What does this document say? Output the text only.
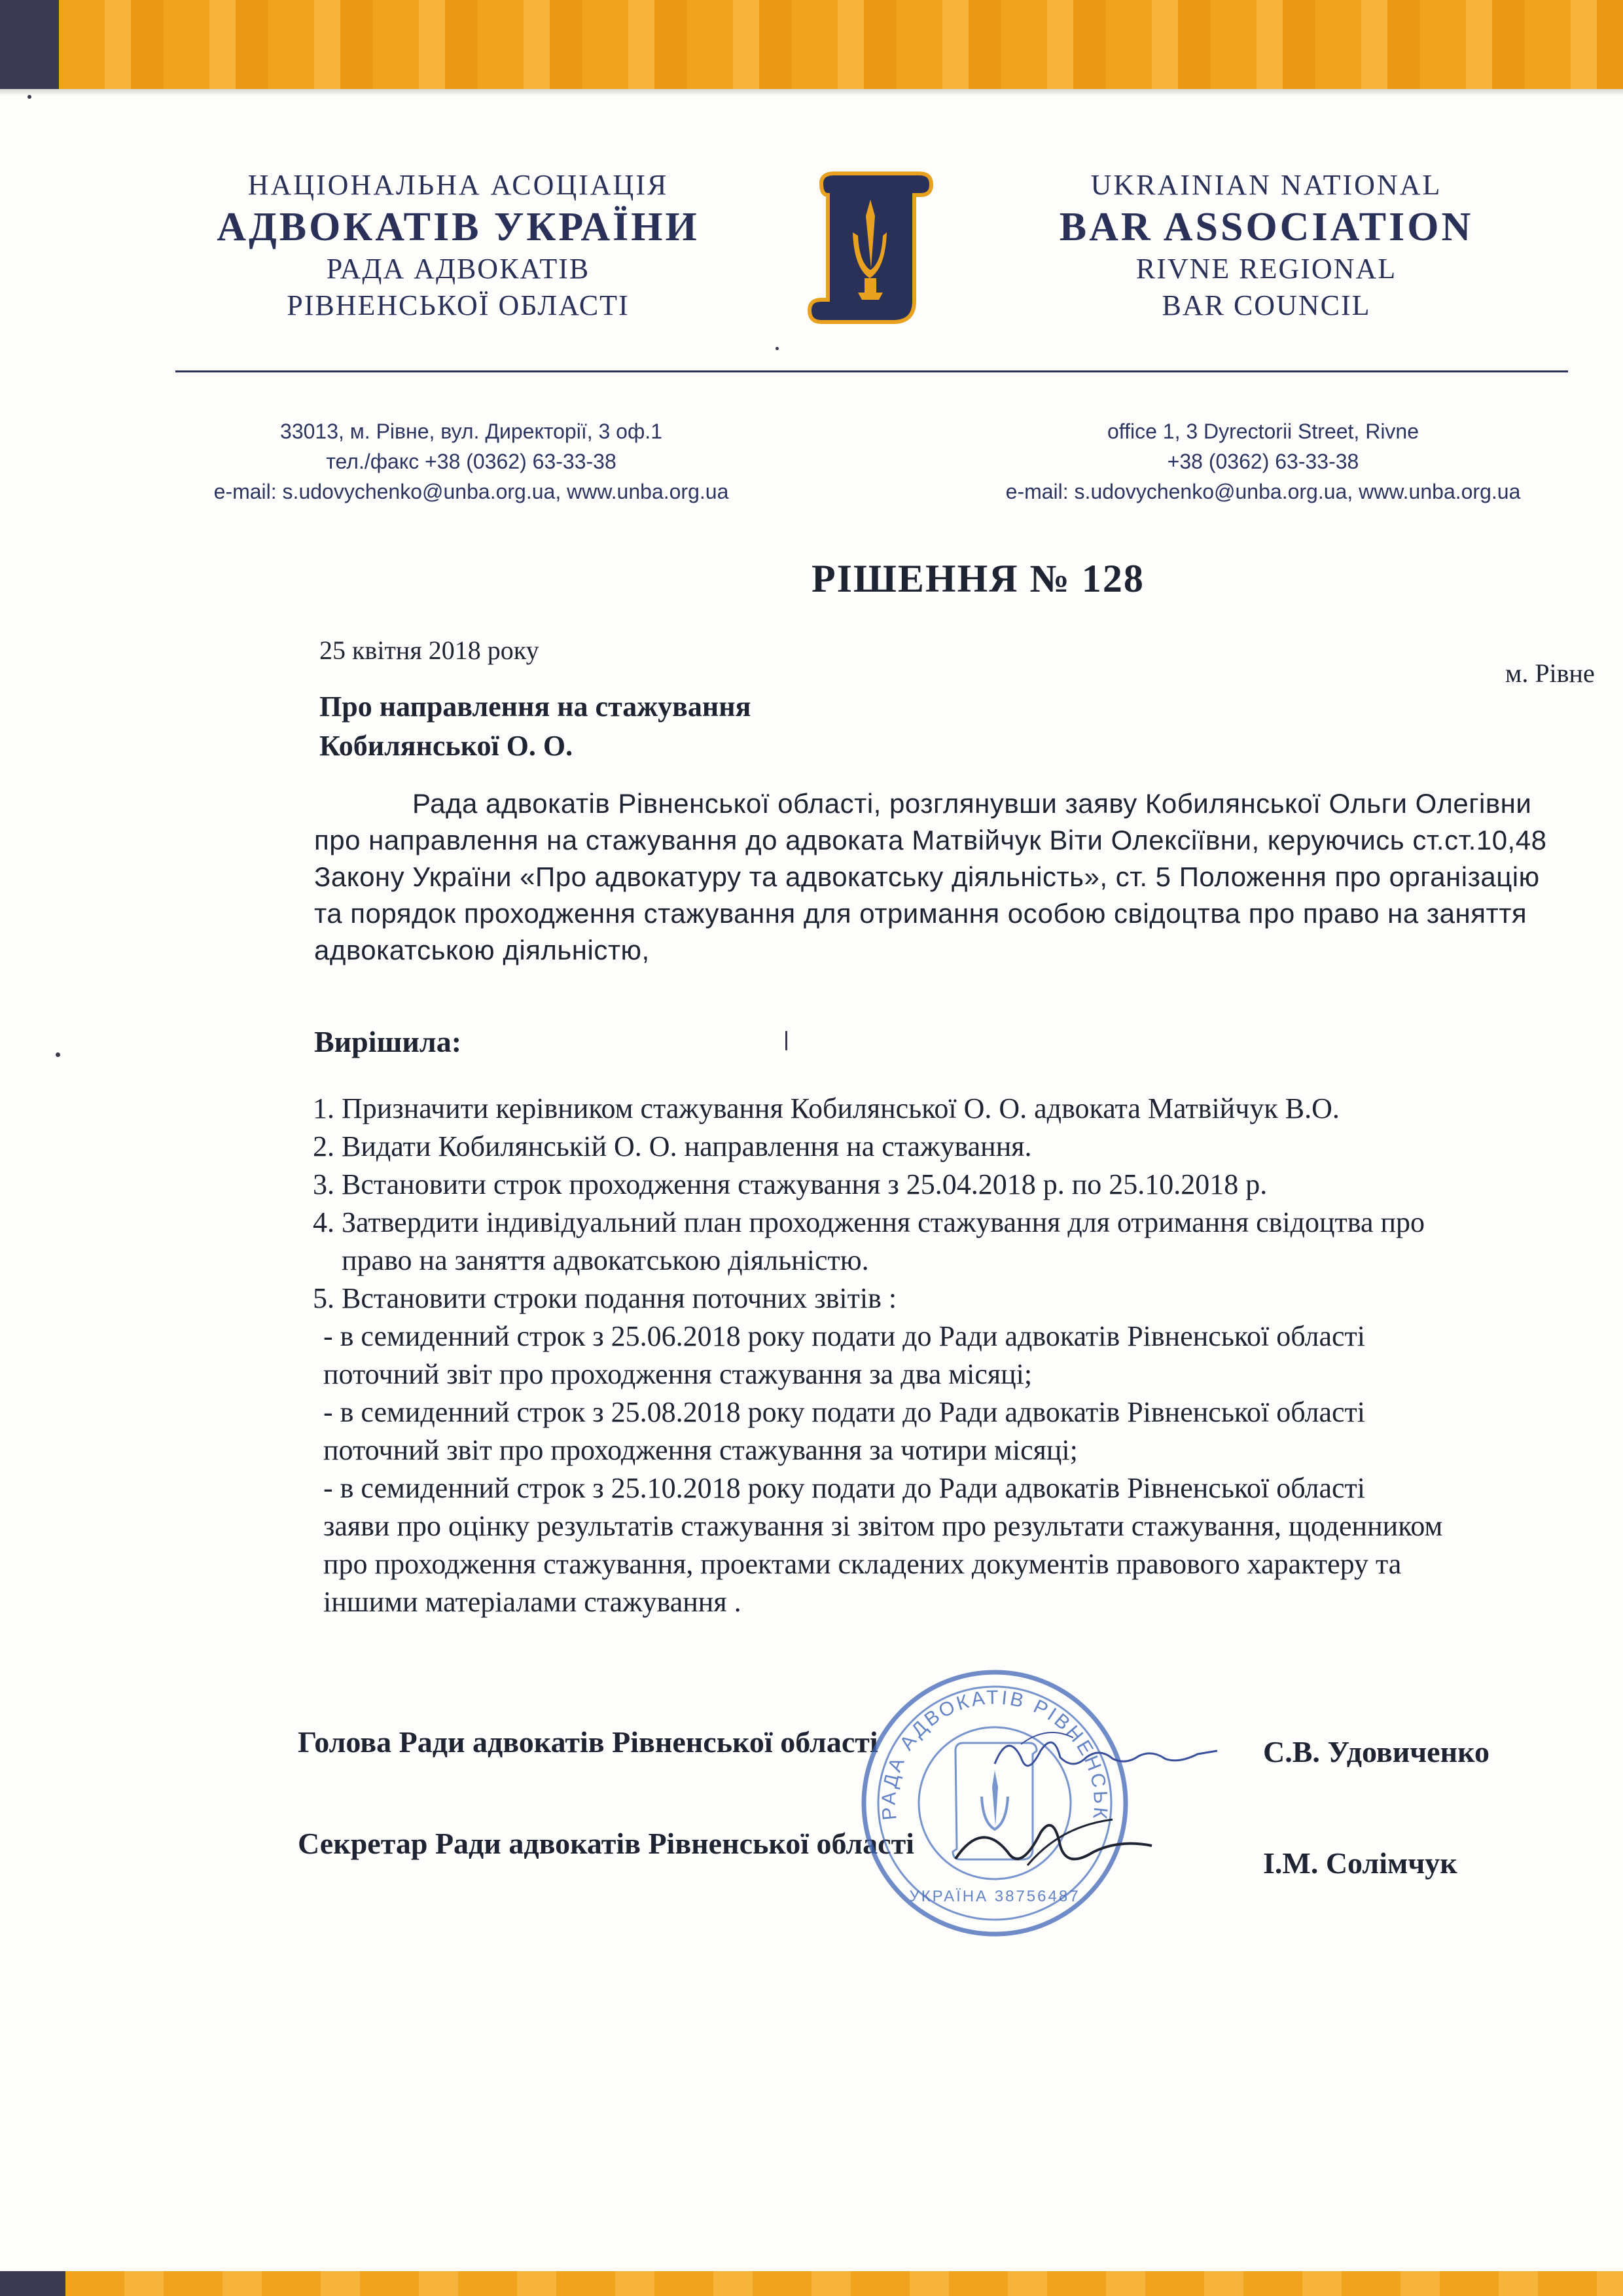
НАЦІОНАЛЬНА АСОЦІАЦІЯ
АДВОКАТІВ УКРАЇНИ
РАДА АДВОКАТІВ
РІВНЕНСЬКОЇ ОБЛАСТІ
UKRAINIAN NATIONAL
BAR ASSOCIATION
RIVNE REGIONAL
BAR COUNCIL
33013, м. Рівне, вул. Директорії, 3 оф.1
тел./факс +38 (0362) 63-33-38
e-mail: s.udovychenko@unba.org.ua, www.unba.org.ua
office 1, 3 Dyrectorii Street, Rivne
+38 (0362) 63-33-38
e-mail: s.udovychenko@unba.org.ua, www.unba.org.ua
РІШЕННЯ № 128
25 квітня 2018 року
м. Рівне
Про направлення на стажування
Кобилянської О. О.
Рада адвокатів Рівненської області, розглянувши заяву Кобилянської Ольги Олегівни
про направлення на стажування до адвоката Матвійчук Віти Олексіївни, керуючись ст.ст.10,48
Закону України «Про адвокатуру та адвокатську діяльність», ст. 5 Положення про організацію
та порядок проходження стажування для отримання особою свідоцтва про право на заняття
адвокатською діяльністю,
Вирішила:
1. Призначити керівником стажування Кобилянської О. О. адвоката Матвійчук В.О.
2. Видати Кобилянській О. О. направлення на стажування.
3. Встановити строк проходження стажування з 25.04.2018 р. по 25.10.2018 р.
4. Затвердити індивідуальний план проходження стажування для отримання свідоцтва про
право на заняття адвокатською діяльністю.
5. Встановити строки подання поточних звітів :
- в семиденний строк з 25.06.2018 року подати до Ради адвокатів Рівненської області
поточний звіт про проходження стажування за два місяці;
- в семиденний строк з 25.08.2018 року подати до Ради адвокатів Рівненської області
поточний звіт про проходження стажування за чотири місяці;
- в семиденний строк з 25.10.2018 року подати до Ради адвокатів Рівненської області
заяви про оцінку результатів стажування зі звітом про результати стажування, щоденником
про проходження стажування, проектами складених документів правового характеру та
іншими матеріалами стажування .
Голова Ради адвокатів Рівненської області	С.В. Удовиченко
Секретар Ради адвокатів Рівненської області
І.М. Солімчук
РАДА АДВОКАТІВ РІВНЕНСЬК
УКРАЇНА 38756487
